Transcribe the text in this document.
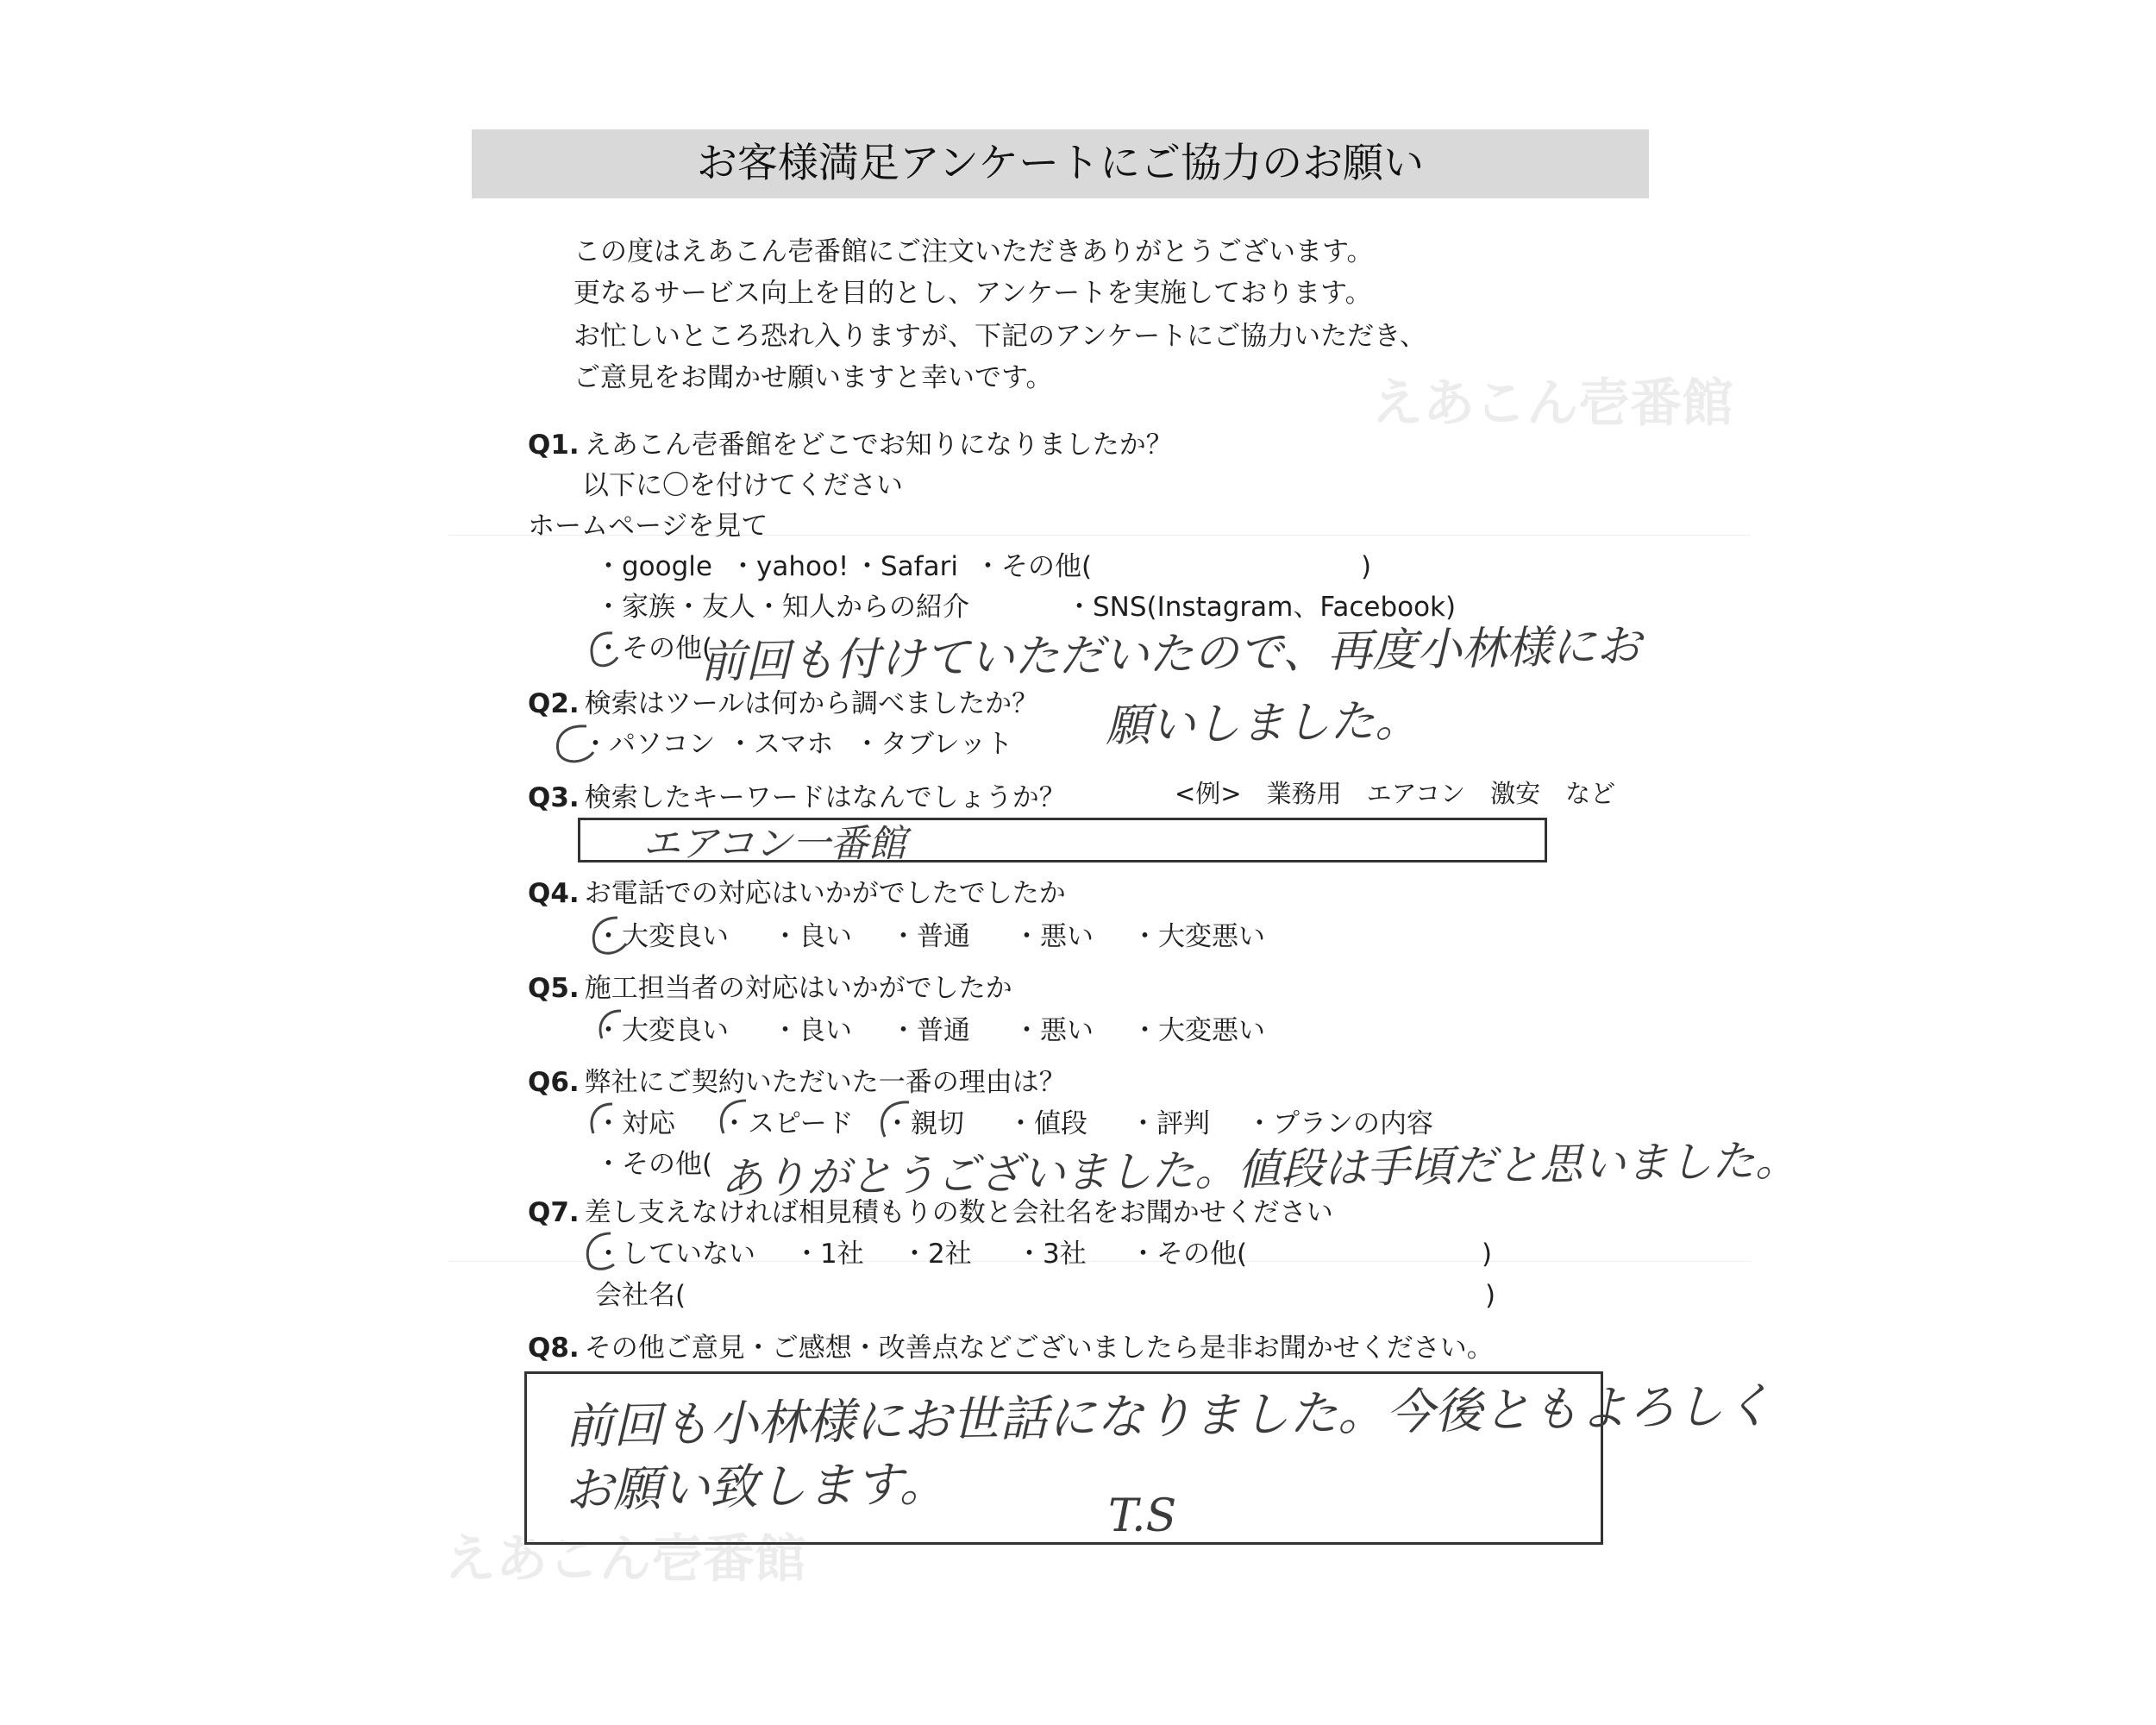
お客様満足アンケートにご協力のお願い
えあこん壱番館
えあこん壱番館
この度はえあこん壱番館にご注文いただきありがとうございます。
更なるサービス向上を目的とし、アンケートを実施しております。
お忙しいところ恐れ入りますが、下記のアンケートにご協力いただき、
ご意見をお聞かせ願いますと幸いです。
Q1. えあこん壱番館をどこでお知りになりましたか？
以下に〇を付けてください
ホームページを見て
・google ・yahoo! ・Safari ・その他(	)
・家族・友人・知人からの紹介	・SNS(Instagram、Facebook)
・その他(
前回も付けていただいたので、再度小林様にお
願いしました。
Q2. 検索はツールは何から調べましたか？
・パソコン ・スマホ ・タブレット
Q3. 検索したキーワードはなんでしょうか？	<例>　業務用　エアコン　激安　など
エアコン一番館
Q4. お電話での対応はいかがでしたでしたか
・大変良い ・良い ・普通 ・悪い ・大変悪い
Q5. 施工担当者の対応はいかがでしたか
・大変良い ・良い ・普通 ・悪い ・大変悪い
Q6. 弊社にご契約いただいた一番の理由は？
・対応 ・スピード ・親切 ・値段 ・評判 ・プランの内容
・その他( ありがとうございました。値段は手頃だと思いました。
Q7. 差し支えなければ相見積もりの数と会社名をお聞かせください
・していない ・1社 ・2社 ・3社 ・その他(	)
会社名(	)
Q8. その他ご意見・ご感想・改善点などございましたら是非お聞かせください。
前回も小林様にお世話になりました。今後ともよろしく
お願い致します。	T.S
